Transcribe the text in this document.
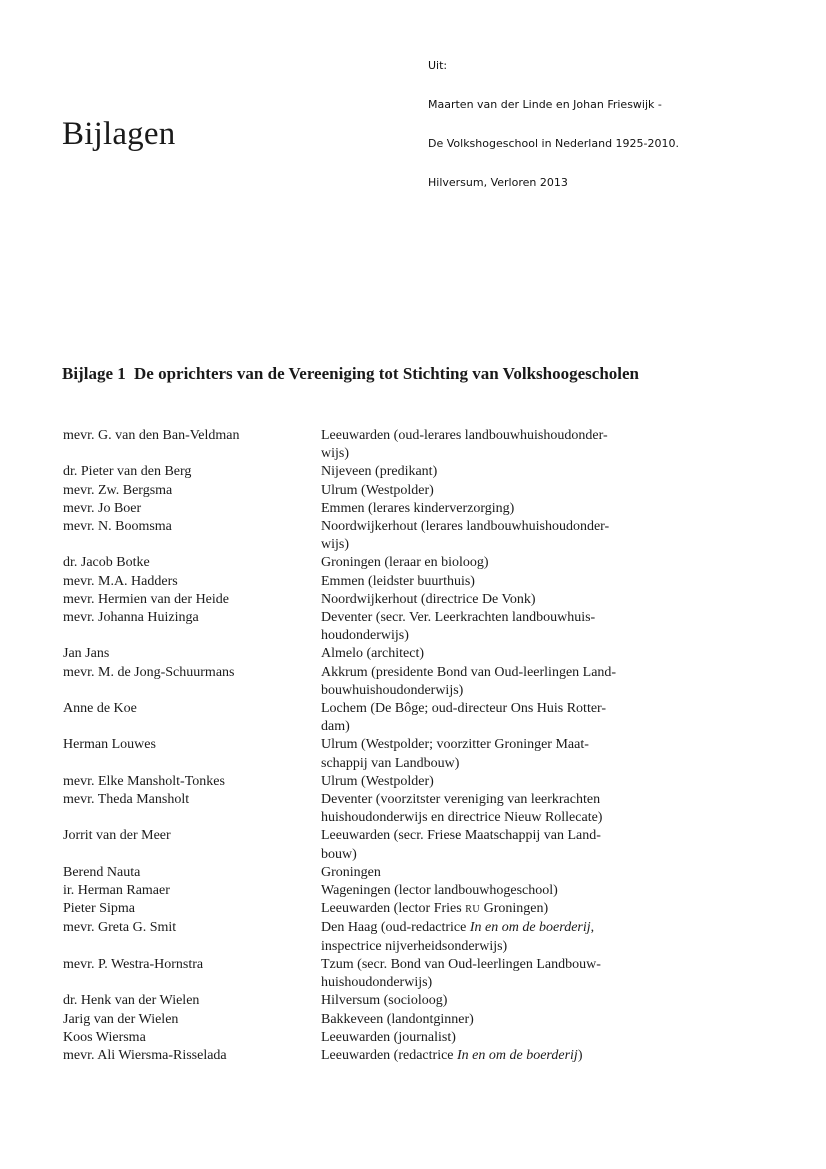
Uit:

Maarten van der Linde en Johan Frieswijk -

De Volkshogeschool in Nederland 1925-2010.

Hilversum, Verloren 2013

Bijlagen
Bijlage 1 De oprichters van de Vereeniging tot Stichting van Volkshoogescholen
mevr. G. van den Ban-Veldman	Leeuwarden (oud-lerares landbouwhuishoudonder-
wijs)
dr. Pieter van den Berg	Nijeveen (predikant)
mevr. Zw. Bergsma	Ulrum (Westpolder)
mevr. Jo Boer	Emmen (lerares kinderverzorging)
mevr. N. Boomsma	Noordwijkerhout (lerares landbouwhuishoudonder-
wijs)
dr. Jacob Botke	Groningen (leraar en bioloog)
mevr. M.A. Hadders	Emmen (leidster buurthuis)
mevr. Hermien van der Heide	Noordwijkerhout (directrice De Vonk)
mevr. Johanna Huizinga	Deventer (secr. Ver. Leerkrachten landbouwhuis-
houdonderwijs)
Jan Jans	Almelo (architect)
mevr. M. de Jong-Schuurmans	Akkrum (presidente Bond van Oud-leerlingen Land-
bouwhuishoudonderwijs)
Anne de Koe	Lochem (De Bôge; oud-directeur Ons Huis Rotter-
dam)
Herman Louwes	Ulrum (Westpolder; voorzitter Groninger Maat-
schappij van Landbouw)
mevr. Elke Mansholt-Tonkes	Ulrum (Westpolder)
mevr. Theda Mansholt	Deventer (voorzitster vereniging van leerkrachten
huishoudonderwijs en directrice Nieuw Rollecate)
Jorrit van der Meer	Leeuwarden (secr. Friese Maatschappij van Land-
bouw)
Berend Nauta	Groningen
ir. Herman Ramaer	Wageningen (lector landbouwhogeschool)
Pieter Sipma	Leeuwarden (lector Fries RU Groningen)
mevr. Greta G. Smit	Den Haag (oud-redactrice In en om de boerderij,
inspectrice nijverheidsonderwijs)
mevr. P. Westra-Hornstra	Tzum (secr. Bond van Oud-leerlingen Landbouw-
huishoudonderwijs)
dr. Henk van der Wielen	Hilversum (socioloog)
Jarig van der Wielen	Bakkeveen (landontginner)
Koos Wiersma	Leeuwarden (journalist)
mevr. Ali Wiersma-Risselada	Leeuwarden (redactrice In en om de boerderij)
